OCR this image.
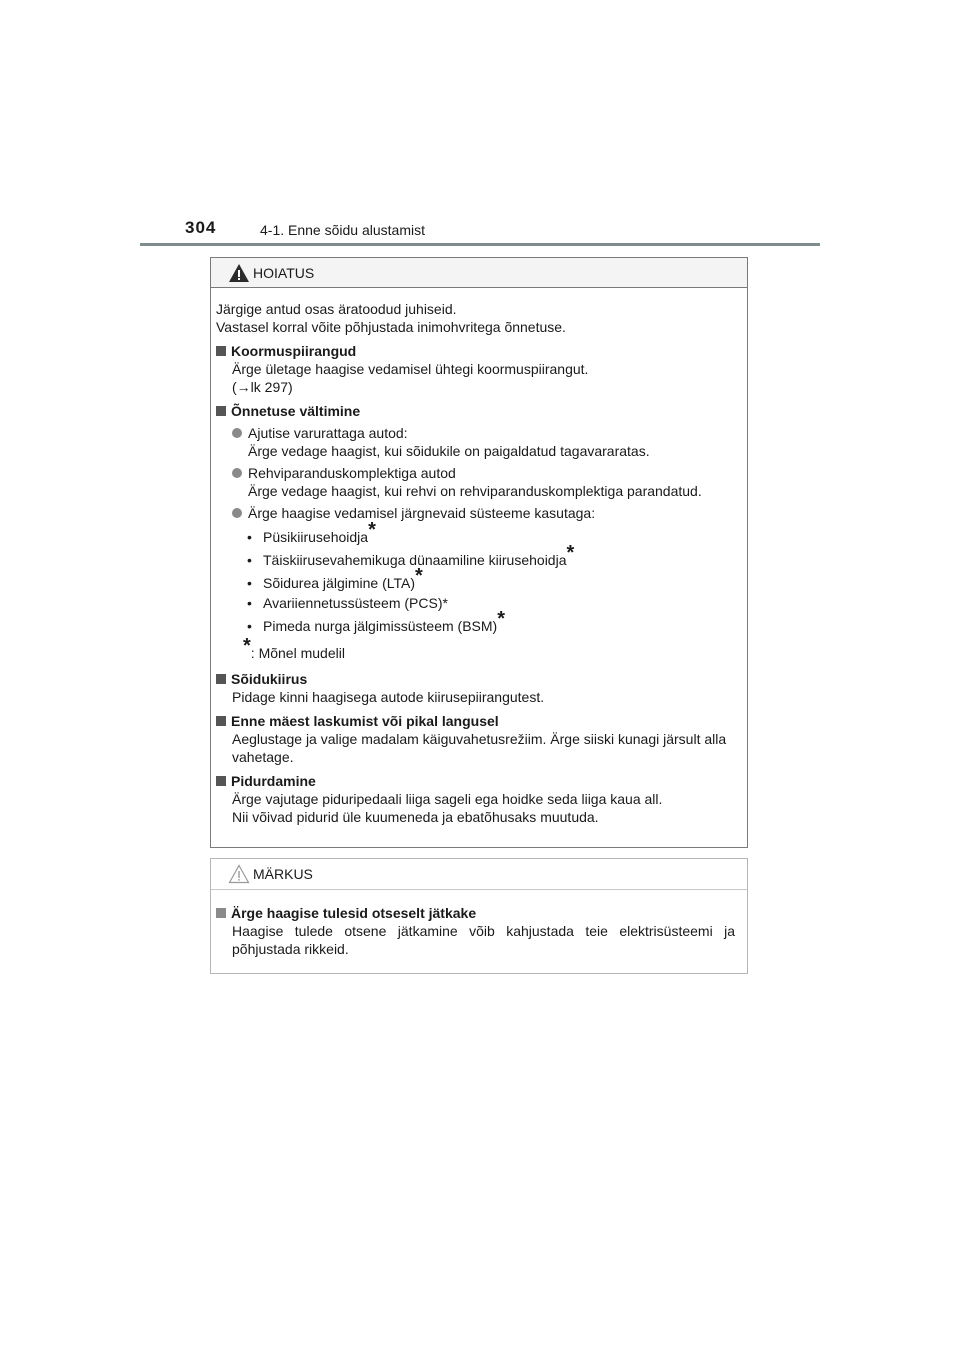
304	4-1. Enne sõidu alustamist
HOIATUS

Järgige antud osas äratoodud juhiseid.

Vastasel korral võite põhjustada inimohvritega õnnetuse.

Koormuspiirangud
Ärge ületage haagise vedamisel ühtegi koormuspiirangut.
(→lk 297)
Õnnetuse vältimine
Ajutise varurattaga autod:
Ärge vedage haagist, kui sõidukile on paigaldatud tagavararatas.
Rehviparanduskomplektiga autod
Ärge vedage haagist, kui rehvi on rehviparanduskomplektiga parandatud.
Ärge haagise vedamisel järgnevaid süsteeme kasutaga:
• Püsikiirusehoidja*
• Täiskiirusevahemikuga dünaamiline kiirusehoidja*
• Sõidurea jälgimine (LTA)*
• Avariiennetussüsteem (PCS)*
• Pimeda nurga jälgimissüsteem (BSM)*
*: Mõnel mudelil
Sõidukiirus
Pidage kinni haagisega autode kiirusepiirangutest.
Enne mäest laskumist või pikal langusel
Aeglustage ja valige madalam käiguvahetusrežiim. Ärge siiski kunagi järsult alla vahetage.
Pidurdamine
Ärge vajutage piduripedaali liiga sageli ega hoidke seda liiga kaua all.
Nii võivad pidurid üle kuumeneda ja ebatõhusaks muutuda.
MÄRKUS
Ärge haagise tulesid otseselt jätkake
Haagise tulede otsene jätkamine võib kahjustada teie elektrisüsteemi ja põhjustada rikkeid.
